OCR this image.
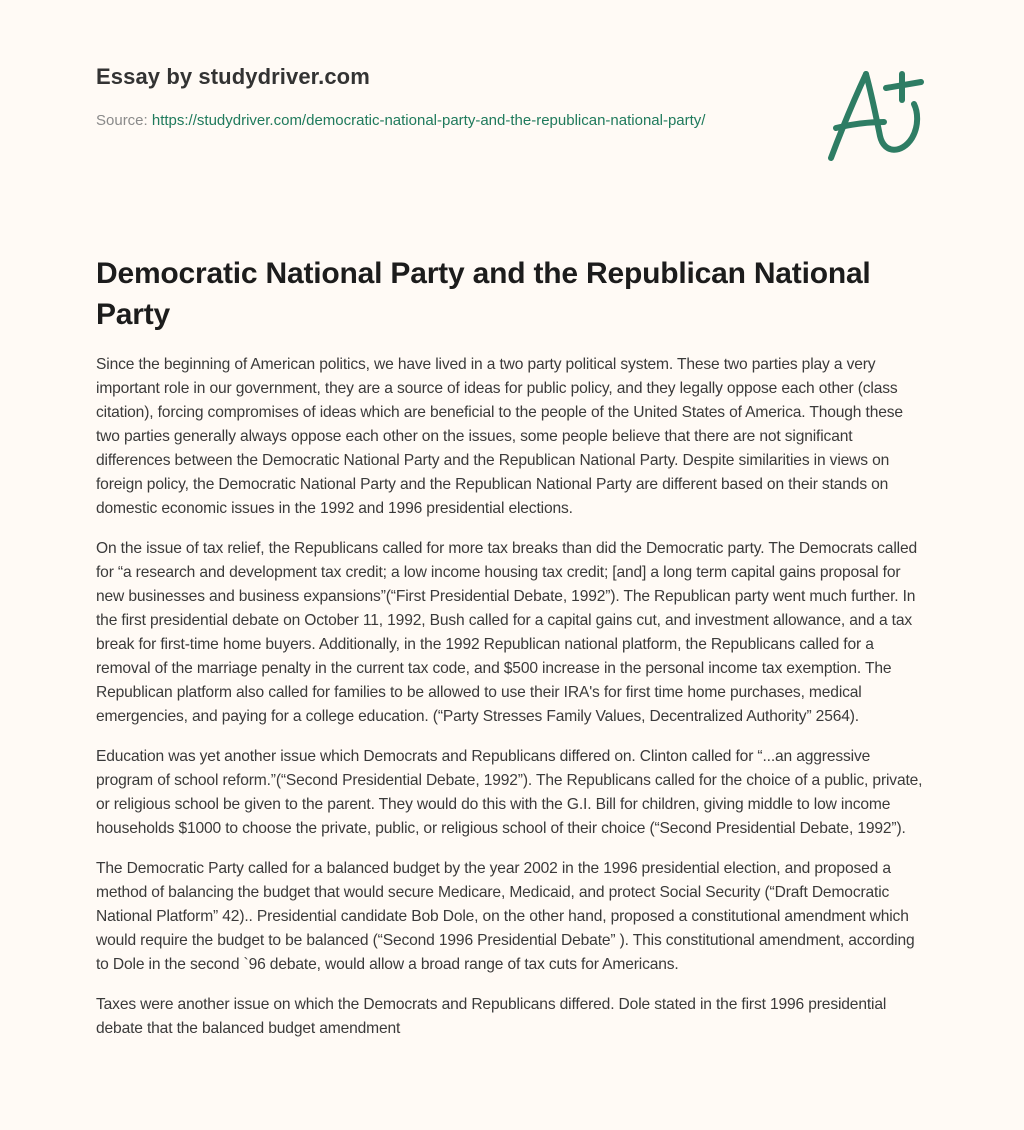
Essay by studydriver.com
Source: https://studydriver.com/democratic-national-party-and-the-republican-national-party/
Democratic National Party and the Republican National Party

Since the beginning of American politics, we have lived in a two party political system. These two parties play a very important role in our government, they are a source of ideas for public policy, and they legally oppose each other (class citation), forcing compromises of ideas which are beneficial to the people of the United States of America. Though these two parties generally always oppose each other on the issues, some people believe that there are not significant differences between the Democratic National Party and the Republican National Party. Despite similarities in views on foreign policy, the Democratic National Party and the Republican National Party are different based on their stands on domestic economic issues in the 1992 and 1996 presidential elections.

On the issue of tax relief, the Republicans called for more tax breaks than did the Democratic party. The Democrats called for “a research and development tax credit; a low income housing tax credit; [and] a long term capital gains proposal for new businesses and business expansions”(“First Presidential Debate, 1992”). The Republican party went much further. In the first presidential debate on October 11, 1992, Bush called for a capital gains cut, and investment allowance, and a tax break for first-time home buyers. Additionally, in the 1992 Republican national platform, the Republicans called for a removal of the marriage penalty in the current tax code, and $500 increase in the personal income tax exemption. The Republican platform also called for families to be allowed to use their IRA's for first time home purchases, medical emergencies, and paying for a college education. (“Party Stresses Family Values, Decentralized Authority” 2564).

Education was yet another issue which Democrats and Republicans differed on. Clinton called for “...an aggressive program of school reform.”(“Second Presidential Debate, 1992”). The Republicans called for the choice of a public, private, or religious school be given to the parent. They would do this with the G.I. Bill for children, giving middle to low income households $1000 to choose the private, public, or religious school of their choice (“Second Presidential Debate, 1992”).

The Democratic Party called for a balanced budget by the year 2002 in the 1996 presidential election, and proposed a method of balancing the budget that would secure Medicare, Medicaid, and protect Social Security (“Draft Democratic National Platform” 42).. Presidential candidate Bob Dole, on the other hand, proposed a constitutional amendment which would require the budget to be balanced (“Second 1996 Presidential Debate” ). This constitutional amendment, according to Dole in the second `96 debate, would allow a broad range of tax cuts for Americans.

Taxes were another issue on which the Democrats and Republicans differed. Dole stated in the first 1996 presidential debate that the balanced budget amendment
